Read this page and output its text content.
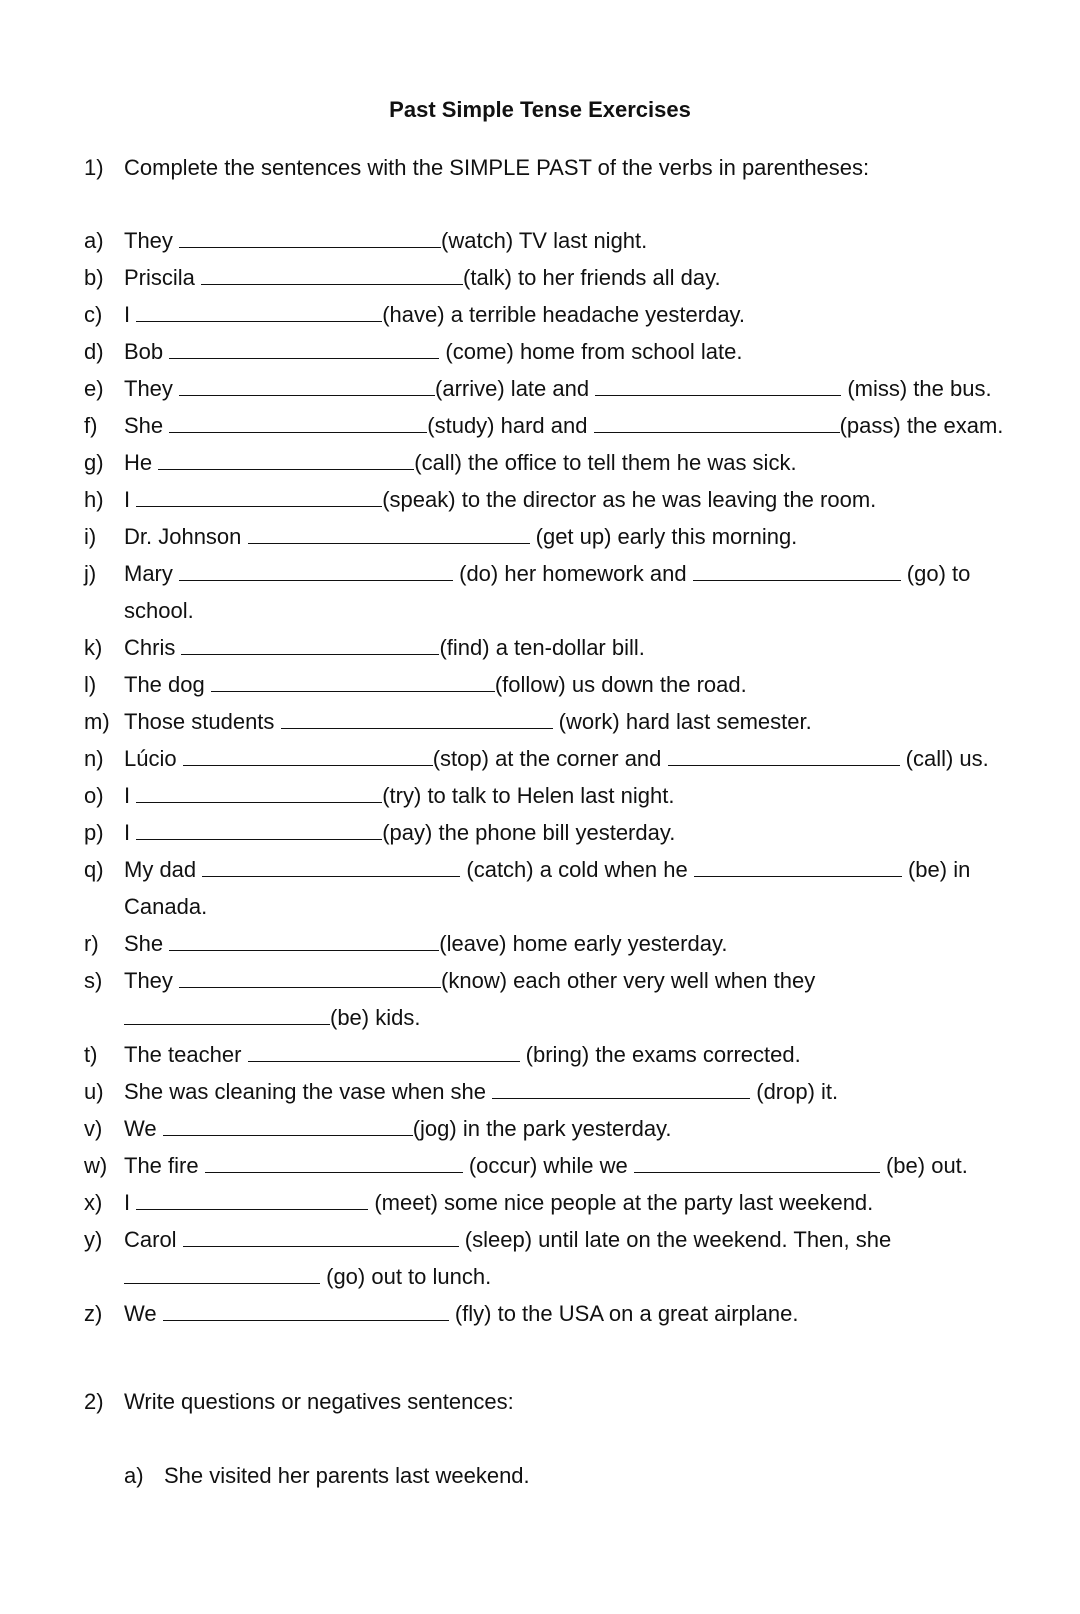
Past Simple Tense Exercises
1) Complete the sentences with the SIMPLE PAST of the verbs in parentheses:
a) They	(watch) TV last night.
b) Priscila	(talk) to her friends all day.
c) I	(have) a terrible headache yesterday.
d) Bob	(come) home from school late.
e) They	(arrive) late and	(miss) the bus.
f)	She	(study) hard and	(pass) the exam.
g) He	(call) the office to tell them he was sick.
h) I	(speak) to the director as he was leaving the room.
i)	Dr. Johnson	(get up) early this morning.
j)	Mary	(do) her homework and	(go) to
school.
k) Chris	(find) a ten-dollar bill.
l)	The dog	(follow) us down the road.
m) Those students	(work) hard last semester.
n) Lúcio	(stop) at the corner and	(call) us.
o) I	(try) to talk to Helen last night.
p) I	(pay) the phone bill yesterday.
q) My dad	(catch) a cold when he	(be) in
Canada.
r)	She	(leave) home early yesterday.
s) They	(know) each other very well when they
(be) kids.
t)	The teacher	(bring) the exams corrected.
u) She was cleaning the vase when she	(drop) it.
v) We	(jog) in the park yesterday.
w) The fire	(occur) while we	(be) out.
x) I	(meet) some nice people at the party last weekend.
y) Carol	(sleep) until late on the weekend. Then, she
(go) out to lunch.
z) We	(fly) to the USA on a great airplane.
2) Write questions or negatives sentences:
a) She visited her parents last weekend.
